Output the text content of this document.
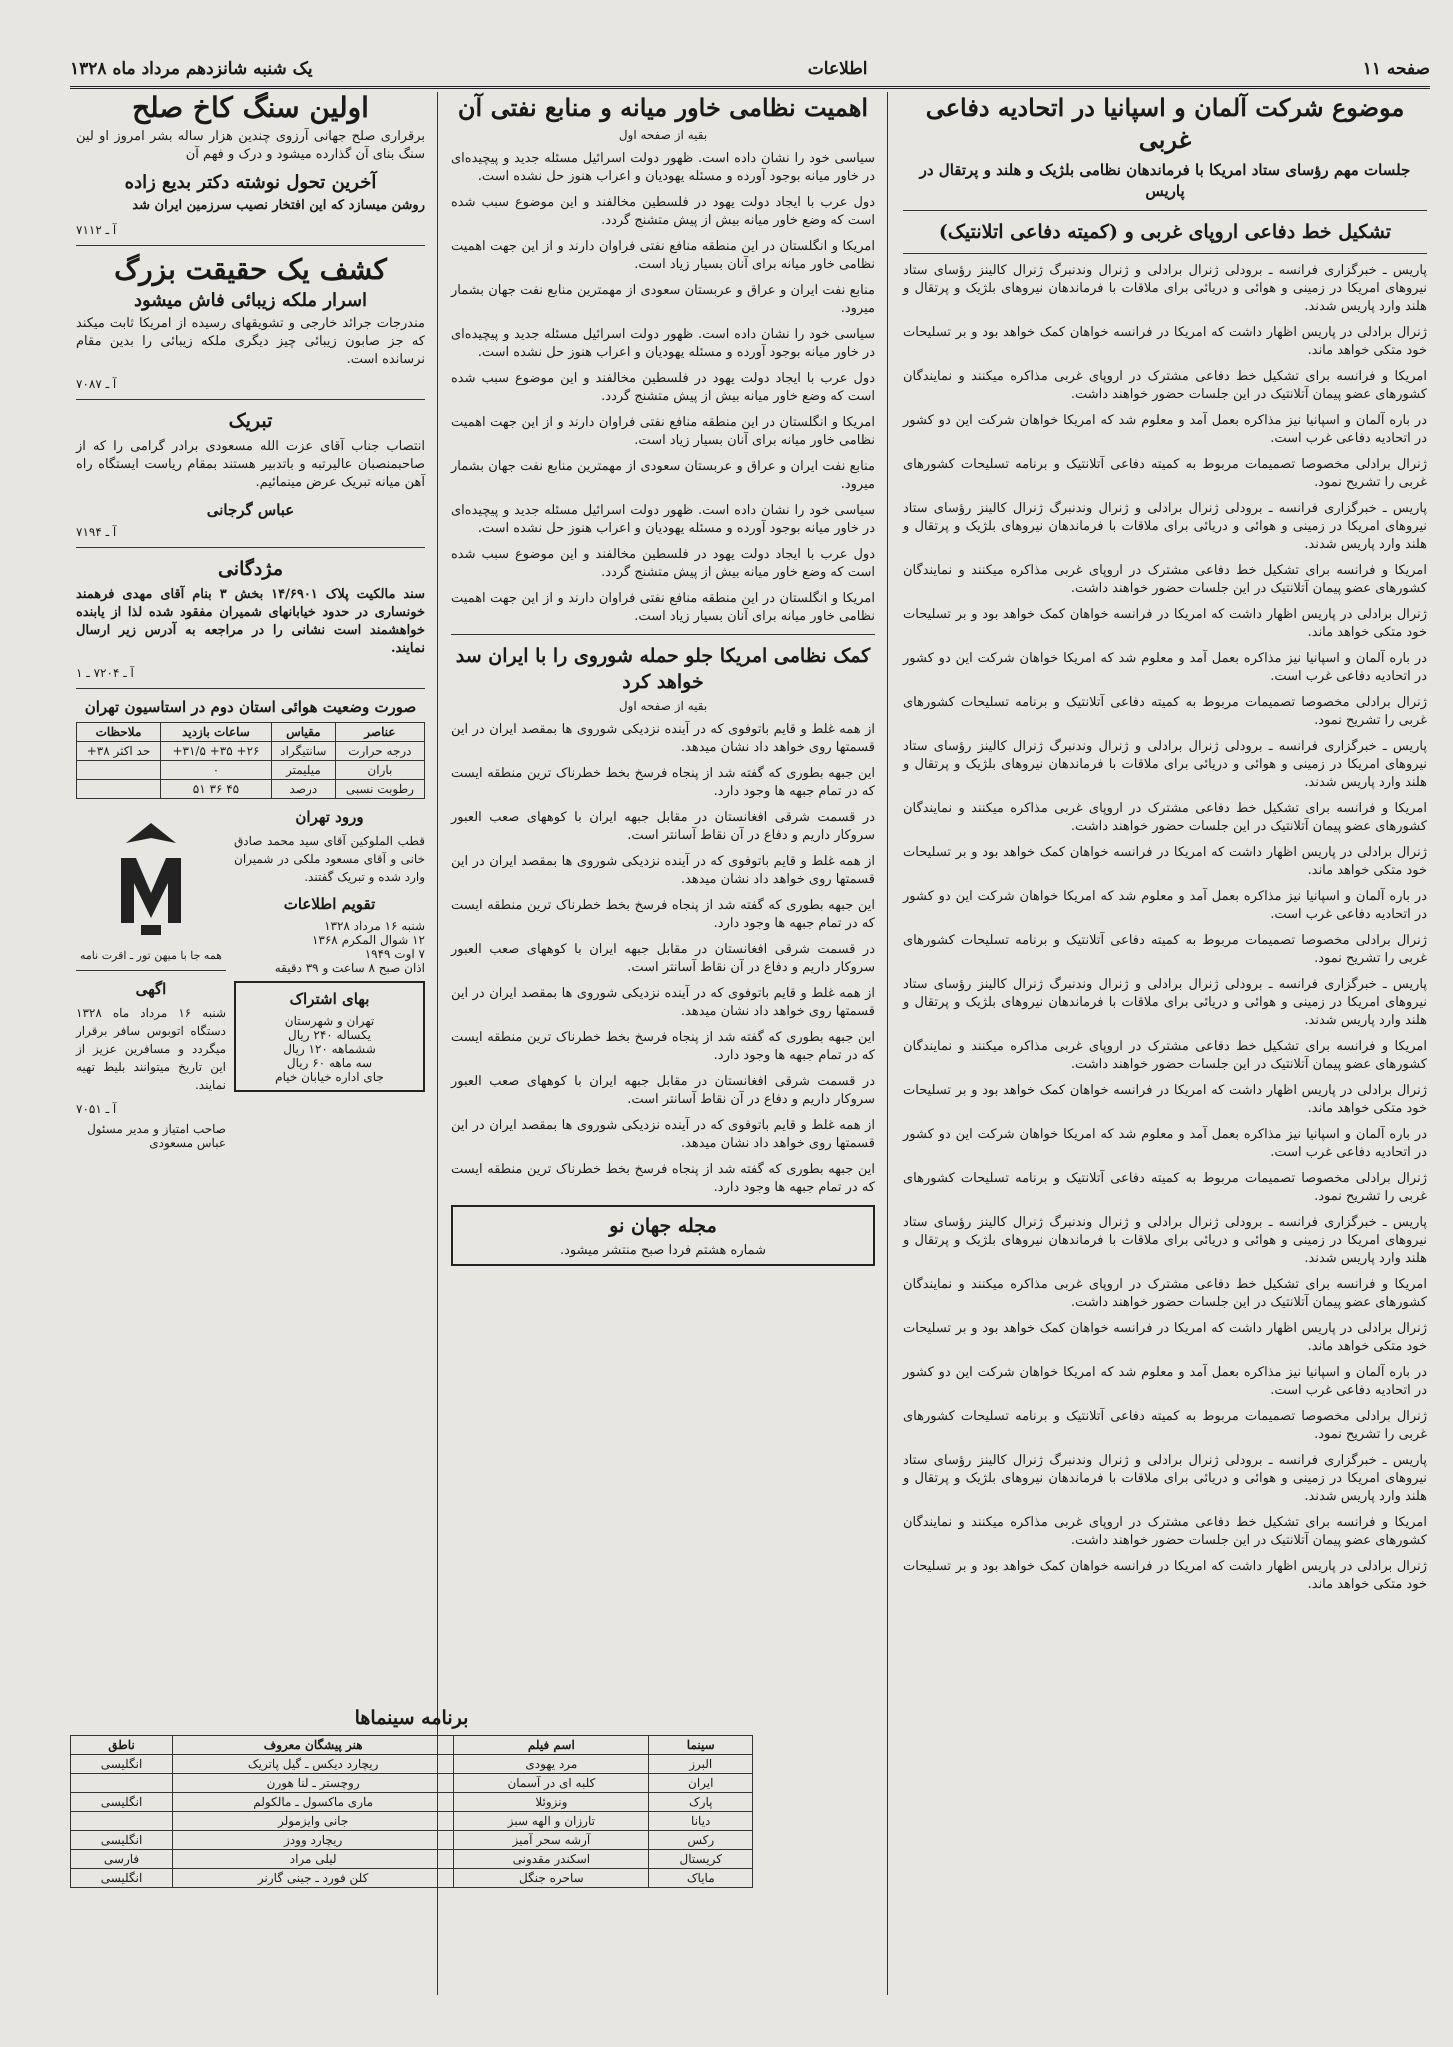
صفحه ۱۱
اطلاعات
یک شنبه شانزدهم مرداد ماه ۱۳۲۸
موضوع شرکت آلمان و اسپانیا در اتحادیه دفاعی غربی
جلسات مهم رؤسای ستاد امریکا با فرماندهان نظامی بلژیک و هلند و پرتقال در پاریس
تشکیل خط دفاعی اروپای غربی و (کمیته دفاعی اتلانتیک)

پاریس ـ خبرگزاری فرانسه ـ برودلی ژنرال برادلی و ژنرال وندنبرگ ژنرال کالینز رؤسای ستاد نیروهای امریکا در زمینی و هوائی و دریائی برای ملاقات با فرماندهان نیروهای بلژیک و پرتقال و هلند وارد پاریس شدند.

ژنرال برادلی در پاریس اظهار داشت که امریکا در فرانسه خواهان کمک خواهد بود و بر تسلیحات خود متکی خواهد ماند.

امریکا و فرانسه برای تشکیل خط دفاعی مشترک در اروپای غربی مذاکره میکنند و نمایندگان کشورهای عضو پیمان آتلانتیک در این جلسات حضور خواهند داشت.

در باره آلمان و اسپانیا نیز مذاکره بعمل آمد و معلوم شد که امریکا خواهان شرکت این دو کشور در اتحادیه دفاعی غرب است.

ژنرال برادلی مخصوصا تصمیمات مربوط به کمیته دفاعی آتلانتیک و برنامه تسلیحات کشورهای غربی را تشریح نمود.

پاریس ـ خبرگزاری فرانسه ـ برودلی ژنرال برادلی و ژنرال وندنبرگ ژنرال کالینز رؤسای ستاد نیروهای امریکا در زمینی و هوائی و دریائی برای ملاقات با فرماندهان نیروهای بلژیک و پرتقال و هلند وارد پاریس شدند.

امریکا و فرانسه برای تشکیل خط دفاعی مشترک در اروپای غربی مذاکره میکنند و نمایندگان کشورهای عضو پیمان آتلانتیک در این جلسات حضور خواهند داشت.

ژنرال برادلی در پاریس اظهار داشت که امریکا در فرانسه خواهان کمک خواهد بود و بر تسلیحات خود متکی خواهد ماند.

در باره آلمان و اسپانیا نیز مذاکره بعمل آمد و معلوم شد که امریکا خواهان شرکت این دو کشور در اتحادیه دفاعی غرب است.

ژنرال برادلی مخصوصا تصمیمات مربوط به کمیته دفاعی آتلانتیک و برنامه تسلیحات کشورهای غربی را تشریح نمود.

پاریس ـ خبرگزاری فرانسه ـ برودلی ژنرال برادلی و ژنرال وندنبرگ ژنرال کالینز رؤسای ستاد نیروهای امریکا در زمینی و هوائی و دریائی برای ملاقات با فرماندهان نیروهای بلژیک و پرتقال و هلند وارد پاریس شدند.

امریکا و فرانسه برای تشکیل خط دفاعی مشترک در اروپای غربی مذاکره میکنند و نمایندگان کشورهای عضو پیمان آتلانتیک در این جلسات حضور خواهند داشت.

ژنرال برادلی در پاریس اظهار داشت که امریکا در فرانسه خواهان کمک خواهد بود و بر تسلیحات خود متکی خواهد ماند.

در باره آلمان و اسپانیا نیز مذاکره بعمل آمد و معلوم شد که امریکا خواهان شرکت این دو کشور در اتحادیه دفاعی غرب است.

ژنرال برادلی مخصوصا تصمیمات مربوط به کمیته دفاعی آتلانتیک و برنامه تسلیحات کشورهای غربی را تشریح نمود.

پاریس ـ خبرگزاری فرانسه ـ برودلی ژنرال برادلی و ژنرال وندنبرگ ژنرال کالینز رؤسای ستاد نیروهای امریکا در زمینی و هوائی و دریائی برای ملاقات با فرماندهان نیروهای بلژیک و پرتقال و هلند وارد پاریس شدند.

امریکا و فرانسه برای تشکیل خط دفاعی مشترک در اروپای غربی مذاکره میکنند و نمایندگان کشورهای عضو پیمان آتلانتیک در این جلسات حضور خواهند داشت.

ژنرال برادلی در پاریس اظهار داشت که امریکا در فرانسه خواهان کمک خواهد بود و بر تسلیحات خود متکی خواهد ماند.

در باره آلمان و اسپانیا نیز مذاکره بعمل آمد و معلوم شد که امریکا خواهان شرکت این دو کشور در اتحادیه دفاعی غرب است.

ژنرال برادلی مخصوصا تصمیمات مربوط به کمیته دفاعی آتلانتیک و برنامه تسلیحات کشورهای غربی را تشریح نمود.

پاریس ـ خبرگزاری فرانسه ـ برودلی ژنرال برادلی و ژنرال وندنبرگ ژنرال کالینز رؤسای ستاد نیروهای امریکا در زمینی و هوائی و دریائی برای ملاقات با فرماندهان نیروهای بلژیک و پرتقال و هلند وارد پاریس شدند.

امریکا و فرانسه برای تشکیل خط دفاعی مشترک در اروپای غربی مذاکره میکنند و نمایندگان کشورهای عضو پیمان آتلانتیک در این جلسات حضور خواهند داشت.

ژنرال برادلی در پاریس اظهار داشت که امریکا در فرانسه خواهان کمک خواهد بود و بر تسلیحات خود متکی خواهد ماند.

در باره آلمان و اسپانیا نیز مذاکره بعمل آمد و معلوم شد که امریکا خواهان شرکت این دو کشور در اتحادیه دفاعی غرب است.

ژنرال برادلی مخصوصا تصمیمات مربوط به کمیته دفاعی آتلانتیک و برنامه تسلیحات کشورهای غربی را تشریح نمود.

پاریس ـ خبرگزاری فرانسه ـ برودلی ژنرال برادلی و ژنرال وندنبرگ ژنرال کالینز رؤسای ستاد نیروهای امریکا در زمینی و هوائی و دریائی برای ملاقات با فرماندهان نیروهای بلژیک و پرتقال و هلند وارد پاریس شدند.

امریکا و فرانسه برای تشکیل خط دفاعی مشترک در اروپای غربی مذاکره میکنند و نمایندگان کشورهای عضو پیمان آتلانتیک در این جلسات حضور خواهند داشت.

ژنرال برادلی در پاریس اظهار داشت که امریکا در فرانسه خواهان کمک خواهد بود و بر تسلیحات خود متکی خواهد ماند.

اهمیت نظامی خاور میانه و منابع نفتی آن
بقیه از صفحه اول

سیاسی خود را نشان داده است. ظهور دولت اسرائیل مسئله جدید و پیچیده‌ای در خاور میانه بوجود آورده و مسئله یهودیان و اعراب هنوز حل نشده است.

دول عرب با ایجاد دولت یهود در فلسطین مخالفند و این موضوع سبب شده است که وضع خاور میانه بیش از پیش متشنج گردد.

امریکا و انگلستان در این منطقه منافع نفتی فراوان دارند و از این جهت اهمیت نظامی خاور میانه برای آنان بسیار زیاد است.

منابع نفت ایران و عراق و عربستان سعودی از مهمترین منابع نفت جهان بشمار میرود.

سیاسی خود را نشان داده است. ظهور دولت اسرائیل مسئله جدید و پیچیده‌ای در خاور میانه بوجود آورده و مسئله یهودیان و اعراب هنوز حل نشده است.

دول عرب با ایجاد دولت یهود در فلسطین مخالفند و این موضوع سبب شده است که وضع خاور میانه بیش از پیش متشنج گردد.

امریکا و انگلستان در این منطقه منافع نفتی فراوان دارند و از این جهت اهمیت نظامی خاور میانه برای آنان بسیار زیاد است.

منابع نفت ایران و عراق و عربستان سعودی از مهمترین منابع نفت جهان بشمار میرود.

سیاسی خود را نشان داده است. ظهور دولت اسرائیل مسئله جدید و پیچیده‌ای در خاور میانه بوجود آورده و مسئله یهودیان و اعراب هنوز حل نشده است.

دول عرب با ایجاد دولت یهود در فلسطین مخالفند و این موضوع سبب شده است که وضع خاور میانه بیش از پیش متشنج گردد.

امریکا و انگلستان در این منطقه منافع نفتی فراوان دارند و از این جهت اهمیت نظامی خاور میانه برای آنان بسیار زیاد است.

کمک نظامی امریکا جلو حمله شوروی را با ایران سد خواهد کرد
بقیه از صفحه اول

از همه غلط و قایم باتوفوی که در آینده نزدیکی شوروی ها بمقصد ایران در این قسمتها روی خواهد داد نشان میدهد.

این جبهه بطوری که گفته شد از پنجاه فرسخ بخط خطرناک ترین منطقه ایست که در تمام جبهه ها وجود دارد.

در قسمت شرقی افغانستان در مقابل جبهه ایران با کوههای صعب العبور سروکار داریم و دفاع در آن نقاط آسانتر است.

از همه غلط و قایم باتوفوی که در آینده نزدیکی شوروی ها بمقصد ایران در این قسمتها روی خواهد داد نشان میدهد.

این جبهه بطوری که گفته شد از پنجاه فرسخ بخط خطرناک ترین منطقه ایست که در تمام جبهه ها وجود دارد.

در قسمت شرقی افغانستان در مقابل جبهه ایران با کوههای صعب العبور سروکار داریم و دفاع در آن نقاط آسانتر است.

از همه غلط و قایم باتوفوی که در آینده نزدیکی شوروی ها بمقصد ایران در این قسمتها روی خواهد داد نشان میدهد.

این جبهه بطوری که گفته شد از پنجاه فرسخ بخط خطرناک ترین منطقه ایست که در تمام جبهه ها وجود دارد.

در قسمت شرقی افغانستان در مقابل جبهه ایران با کوههای صعب العبور سروکار داریم و دفاع در آن نقاط آسانتر است.

از همه غلط و قایم باتوفوی که در آینده نزدیکی شوروی ها بمقصد ایران در این قسمتها روی خواهد داد نشان میدهد.

این جبهه بطوری که گفته شد از پنجاه فرسخ بخط خطرناک ترین منطقه ایست که در تمام جبهه ها وجود دارد.

مجله جهان نو
شماره هشتم فردا صبح منتشر میشود.
اولین سنگ کاخ صلح

برقراری صلح جهانی آرزوی چندین هزار ساله بشر امروز او لین سنگ بنای آن گذارده میشود و درک و فهم آن

آخرین تحول نوشته دکتر بدیع زاده

روشن میسازد که این افتخار نصیب سرزمین ایران شد

آ ـ ۷۱۱۲
کشف یک حقیقت بزرگ
اسرار ملکه زیبائی فاش میشود

مندرجات جرائد خارجی و تشویقهای رسیده از امریکا ثابت میکند که جز صابون زیبائی چیز دیگری ملکه زیبائی را بدین مقام نرسانده است.

آ ـ ۷۰۸۷
تبریک

انتصاب جناب آقای عزت الله مسعودی برادر گرامی را که از صاحبمنصبان عالیرتبه و باتدبیر هستند بمقام ریاست ایستگاه راه آهن میانه تبریک عرض مینمائیم.

عباس گرجانی
آ ـ ۷۱۹۴
مژدگانی

سند مالکیت پلاک ۱۴/۶۹۰۱ بخش ۳ بنام آقای مهدی فرهمند خونساری در حدود خیابانهای شمیران مفقود شده لذا از یابنده خواهشمند است نشانی را در مراجعه به آدرس زیر ارسال نمایند.

آ ـ ۷۲۰۴ ـ ۱
صورت وضعیت هوائی استان دوم در استاسیون تهران
عناصر	مقیاس	ساعات بازدید	ملاحظات
درجه حرارت	سانتیگراد	۲۶+ ۳۵+ ۳۱/۵+	حد اکثر ۳۸+
باران	میلیمتر	۰	
رطوبت نسبی	درصد	۴۵ ۳۶ ۵۱	
ورود تهران

قطب الملوکین آقای سید محمد صادق خانی و آقای مسعود ملکی در شمیران وارد شده و تبریک گفتند.

تقویم اطلاعات
شنبه ۱۶ مرداد ۱۳۲۸
۱۲ شوال المکرم ۱۳۶۸
۷ اوت ۱۹۴۹
اذان صبح ۸ ساعت و ۳۹ دقیقه
بهای اشتراک
تهران و شهرستان
یکساله ۲۴۰ ریال
ششماهه ۱۲۰ ریال
سه ماهه ۶۰ ریال
جای اداره خیابان خیام
همه جا با میهن تور ـ اقرت نامه
اگهی

شنبه ۱۶ مرداد ماه ۱۳۲۸ دستگاه اتوبوس سافر برقرار میگردد و مسافرین عزیز از این تاریخ میتوانند بلیط تهیه نمایند.

آ ـ ۷۰۵۱
صاحب امتیاز و مدیر مسئول عباس مسعودی
برنامه سینماها
سینما	اسم فیلم	هنر پیشگان معروف	ناطق
البرز	مرد یهودی	ریچارد دیکس ـ گیل پاتریک	انگلیسی
ایران	کلبه ای در آسمان	روچستر ـ لنا هورن	
پارک	ونزوئلا	ماری ماکسول ـ مالکولم	انگلیسی
دیانا	تارزان و الهه سبز	جانی وایزمولر	
رکس	آرشه سحر آمیز	ریچارد وودز	انگلیسی
کریستال	اسکندر مقدونی	لیلی مراد	فارسی
مایاک	ساحره جنگل	کلن فورد ـ جینی گارنر	انگلیسی
